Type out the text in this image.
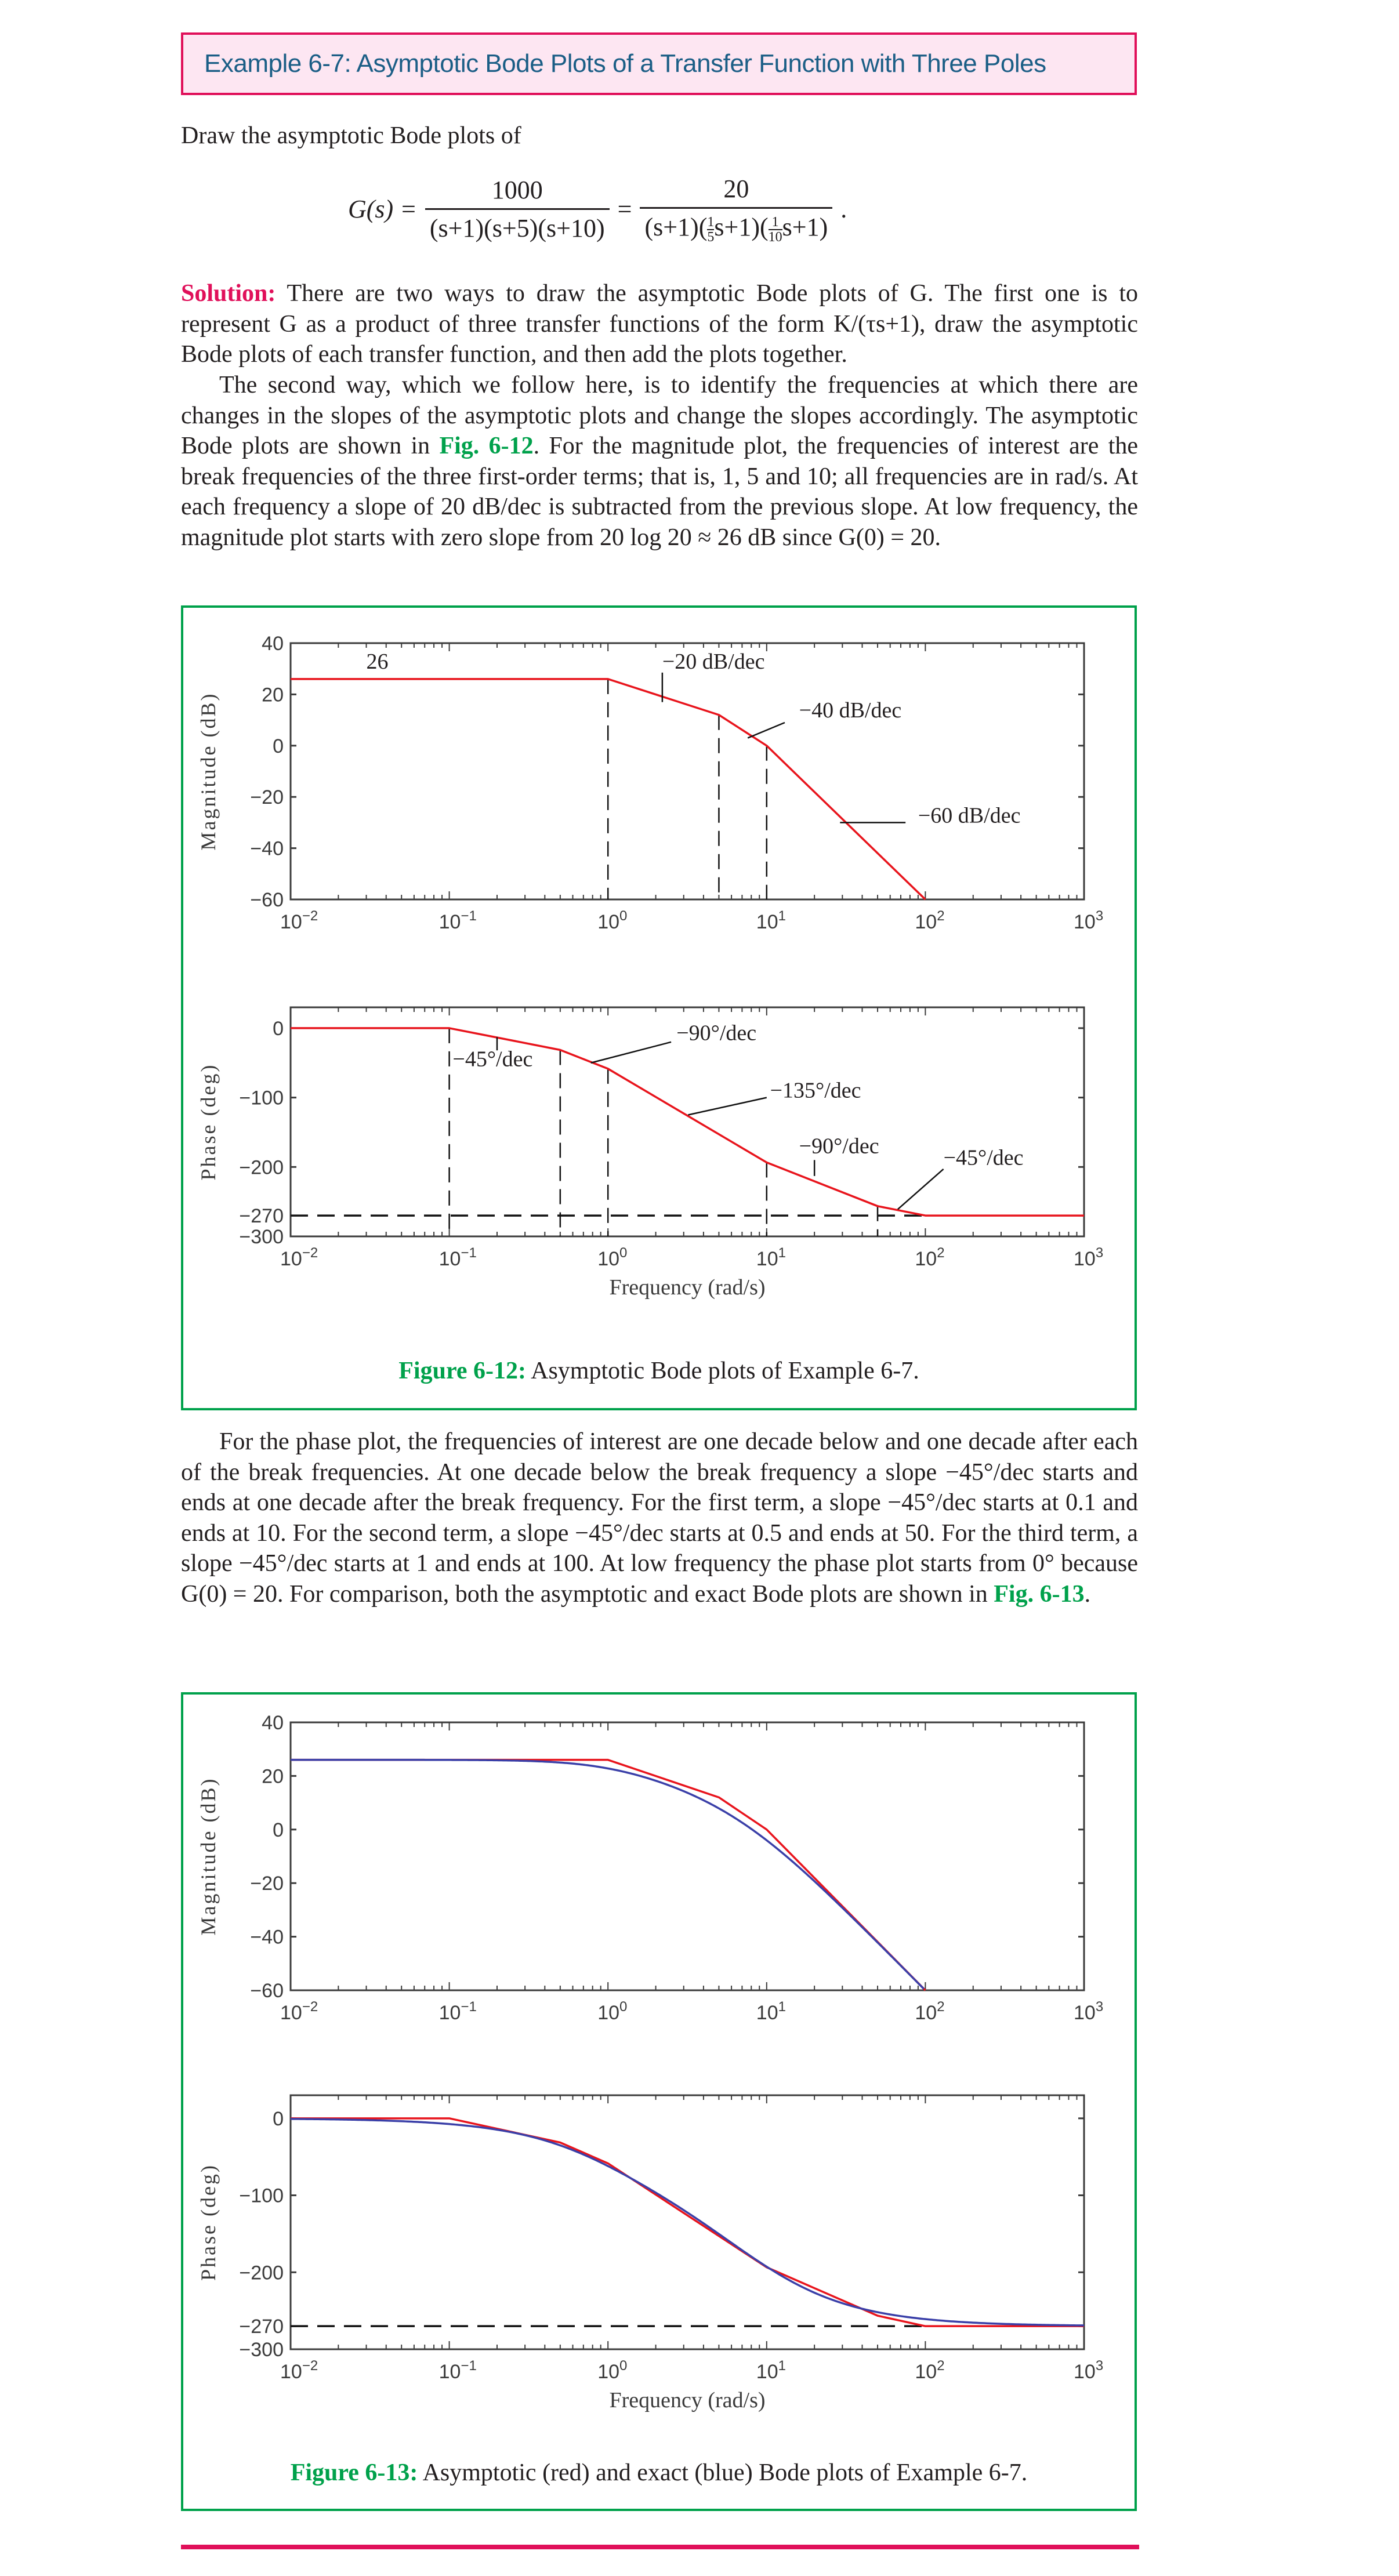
Example 6-7: Asymptotic Bode Plots of a Transfer Function with Three Poles
Draw the asymptotic Bode plots of
$G(s) = \frac{1000}{(s+1)(s+5)(s+10)} = \frac{20}{(s+1)( \frac{1}{5} s+1)( \frac{1}{10} s+1)}$ .
Solution: There are two ways to draw the asymptotic Bode plots of G. The first one is to represent G as a product of three transfer functions of the form K/(τs+1), draw the asymptotic Bode plots of each transfer function, and then add the plots together.
The second way, which we follow here, is to identify the frequencies at which there are changes in the slopes of the asymptotic plots and change the slopes accordingly. The asymptotic Bode plots are shown in Fig. 6-12. For the magnitude plot, the frequencies of interest are the break frequencies of the three first-order terms; that is, 1, 5 and 10; all frequencies are in rad/s. At each frequency a slope of 20 dB/dec is subtracted from the previous slope. At low frequency, the magnitude plot starts with zero slope from 20 log 20 ≈ 26 dB since G(0) = 20.
$10^{-2}$	$10^{-1}$	$10^0$	$10^1$	$10^2$	$10^3$
40
20
0
−20
−40
−60
Magnitude (dB)
26	−20 dB/dec
−40 dB/dec
−60 dB/dec
$10^{-2}$	$10^{-1}$	$10^0$	$10^1$	$10^2$	$10^3$
0
−100
−200
−270
−300
Phase (deg)
Frequency (rad/s)
−45°/dec
−90°/dec
−135°/dec
−90°/dec	−45°/dec
Figure 6-12: Asymptotic Bode plots of Example 6-7.
For the phase plot, the frequencies of interest are one decade below and one decade after each of the break frequencies. At one decade below the break frequency a slope −45°/dec starts and ends at one decade after the break frequency. For the first term, a slope −45°/dec starts at 0.1 and ends at 10. For the second term, a slope −45°/dec starts at 0.5 and ends at 50. For the third term, a slope −45°/dec starts at 1 and ends at 100. At low frequency the phase plot starts from 0° because G(0) = 20. For comparison, both the asymptotic and exact Bode plots are shown in Fig. 6-13.
$10^{-2}$	$10^{-1}$	$10^0$	$10^1$	$10^2$	$10^3$
40
20
0
−20
−40
−60
Magnitude (dB)
$10^{-2}$	$10^{-1}$	$10^0$	$10^1$	$10^2$	$10^3$
0
−100
−200
−270
−300
Phase (deg)
Frequency (rad/s)
Figure 6-13: Asymptotic (red) and exact (blue) Bode plots of Example 6-7.
